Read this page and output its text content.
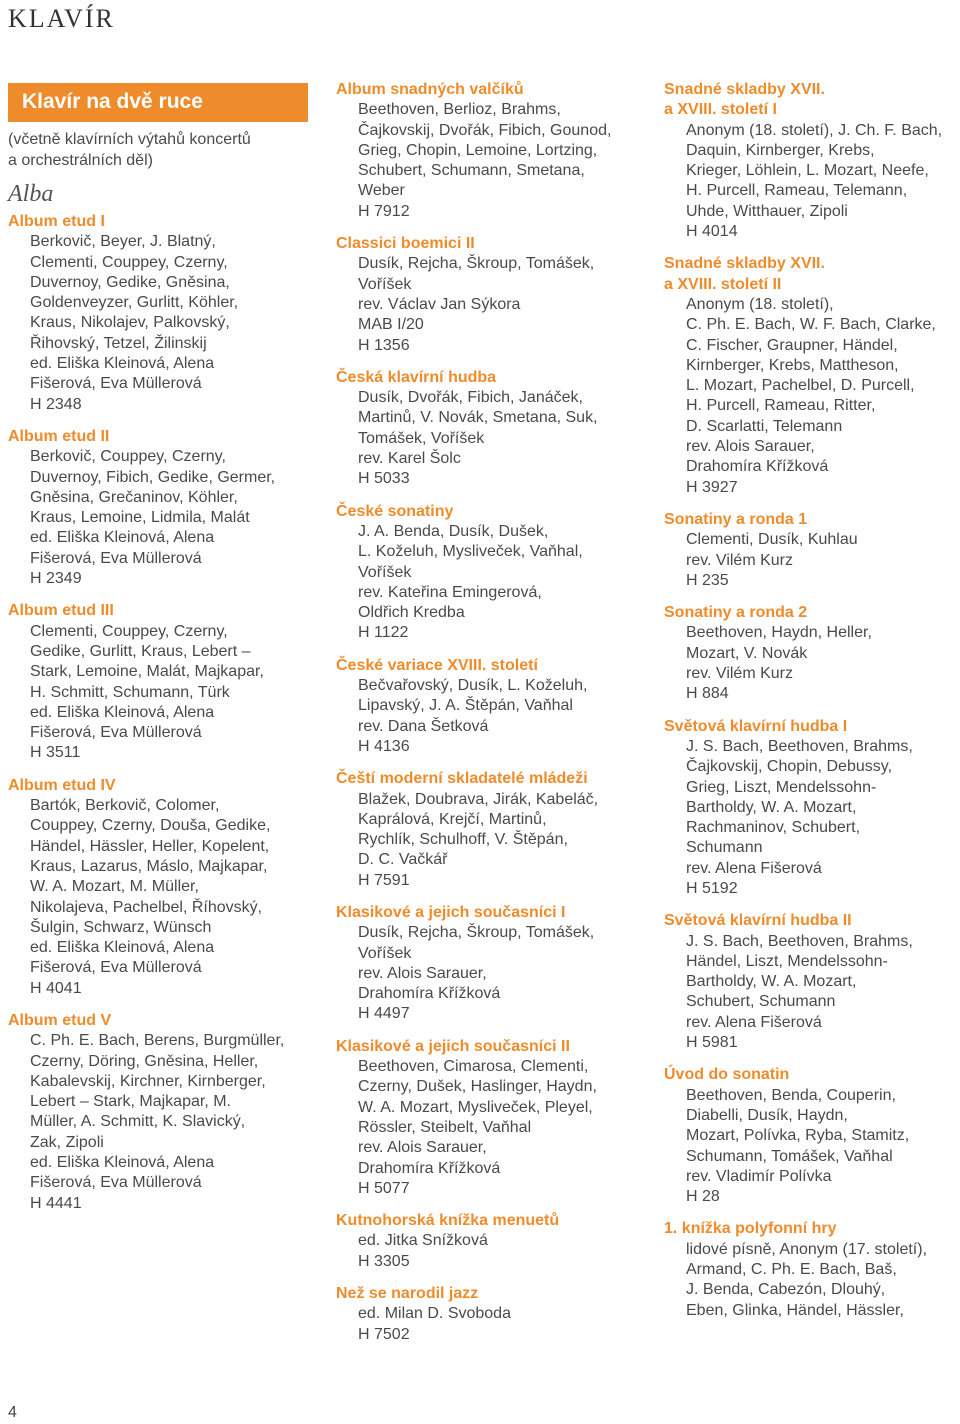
KLAVÍR
Klavír na dvě ruce
(včetně klavírních výtahů koncertů
a orchestrálních děl)
Alba
Album etud I
Berkovič, Beyer, J. Blatný,
Clementi, Couppey, Czerny,
Duvernoy, Gedike, Gněsina,
Goldenveyzer, Gurlitt, Köhler,
Kraus, Nikolajev, Palkovský,
Řihovský, Tetzel, Žilinskij
ed. Eliška Kleinová, Alena
Fišerová, Eva Müllerová
H 2348
Album etud II
Berkovič, Couppey, Czerny,
Duvernoy, Fibich, Gedike, Germer,
Gněsina, Grečaninov, Köhler,
Kraus, Lemoine, Lidmila, Malát
ed. Eliška Kleinová, Alena
Fišerová, Eva Müllerová
H 2349
Album etud III
Clementi, Couppey, Czerny,
Gedike, Gurlitt, Kraus, Lebert –
Stark, Lemoine, Malát, Majkapar,
H. Schmitt, Schumann, Türk
ed. Eliška Kleinová, Alena
Fišerová, Eva Müllerová
H 3511
Album etud IV
Bartók, Berkovič, Colomer,
Couppey, Czerny, Douša, Gedike,
Händel, Hässler, Heller, Kopelent,
Kraus, Lazarus, Máslo, Majkapar,
W. A. Mozart, M. Müller,
Nikolajeva, Pachelbel, Říhovský,
Šulgin, Schwarz, Wünsch
ed. Eliška Kleinová, Alena
Fišerová, Eva Müllerová
H 4041
Album etud V
C. Ph. E. Bach, Berens, Burgmüller,
Czerny, Döring, Gněsina, Heller,
Kabalevskij, Kirchner, Kirnberger,
Lebert – Stark, Majkapar, M.
Müller, A. Schmitt, K. Slavický,
Zak, Zipoli
ed. Eliška Kleinová, Alena
Fišerová, Eva Müllerová
H 4441
Album snadných valčíků
Beethoven, Berlioz, Brahms,
Čajkovskij, Dvořák, Fibich, Gounod,
Grieg, Chopin, Lemoine, Lortzing,
Schubert, Schumann, Smetana,
Weber
H 7912
Classici boemici II
Dusík, Rejcha, Škroup, Tomášek,
Voříšek
rev. Václav Jan Sýkora
MAB I/20
H 1356
Česká klavírní hudba
Dusík, Dvořák, Fibich, Janáček,
Martinů, V. Novák, Smetana, Suk,
Tomášek, Voříšek
rev. Karel Šolc
H 5033
České sonatiny
J. A. Benda, Dusík, Dušek,
L. Koželuh, Mysliveček, Vaňhal,
Voříšek
rev. Kateřina Emingerová,
Oldřich Kredba
H 1122
České variace XVIII. století
Bečvařovský, Dusík, L. Koželuh,
Lipavský, J. A. Štěpán, Vaňhal
rev. Dana Šetková
H 4136
Čeští moderní skladatelé mládeži
Blažek, Doubrava, Jirák, Kabeláč,
Kaprálová, Krejčí, Martinů,
Rychlík, Schulhoff, V. Štěpán,
D. C. Vačkář
H 7591
Klasikové a jejich současníci I
Dusík, Rejcha, Škroup, Tomášek,
Voříšek
rev. Alois Sarauer,
Drahomíra Křížková
H 4497
Klasikové a jejich současníci II
Beethoven, Cimarosa, Clementi,
Czerny, Dušek, Haslinger, Haydn,
W. A. Mozart, Mysliveček, Pleyel,
Rössler, Steibelt, Vaňhal
rev. Alois Sarauer,
Drahomíra Křížková
H 5077
Kutnohorská knížka menuetů
ed. Jitka Snížková
H 3305
Než se narodil jazz
ed. Milan D. Svoboda
H 7502
Snadné skladby XVII.
a XVIII. století I
Anonym (18. století), J. Ch. F. Bach,
Daquin, Kirnberger, Krebs,
Krieger, Löhlein, L. Mozart, Neefe,
H. Purcell, Rameau, Telemann,
Uhde, Witthauer, Zipoli
H 4014
Snadné skladby XVII.
a XVIII. století II
Anonym (18. století),
C. Ph. E. Bach, W. F. Bach, Clarke,
C. Fischer, Graupner, Händel,
Kirnberger, Krebs, Mattheson,
L. Mozart, Pachelbel, D. Purcell,
H. Purcell, Rameau, Ritter,
D. Scarlatti, Telemann
rev. Alois Sarauer,
Drahomíra Křížková
H 3927
Sonatiny a ronda 1
Clementi, Dusík, Kuhlau
rev. Vilém Kurz
H 235
Sonatiny a ronda 2
Beethoven, Haydn, Heller,
Mozart, V. Novák
rev. Vilém Kurz
H 884
Světová klavírní hudba I
J. S. Bach, Beethoven, Brahms,
Čajkovskij, Chopin, Debussy,
Grieg, Liszt, Mendelssohn-
Bartholdy, W. A. Mozart,
Rachmaninov, Schubert,
Schumann
rev. Alena Fišerová
H 5192
Světová klavírní hudba II
J. S. Bach, Beethoven, Brahms,
Händel, Liszt, Mendelssohn-
Bartholdy, W. A. Mozart,
Schubert, Schumann
rev. Alena Fišerová
H 5981
Úvod do sonatin
Beethoven, Benda, Couperin,
Diabelli, Dusík, Haydn,
Mozart, Polívka, Ryba, Stamitz,
Schumann, Tomášek, Vaňhal
rev. Vladimír Polívka
H 28
1. knížka polyfonní hry
lidové písně, Anonym (17. století),
Armand, C. Ph. E. Bach, Baš,
J. Benda, Cabezón, Dlouhý,
Eben, Glinka, Händel, Hässler,
4
